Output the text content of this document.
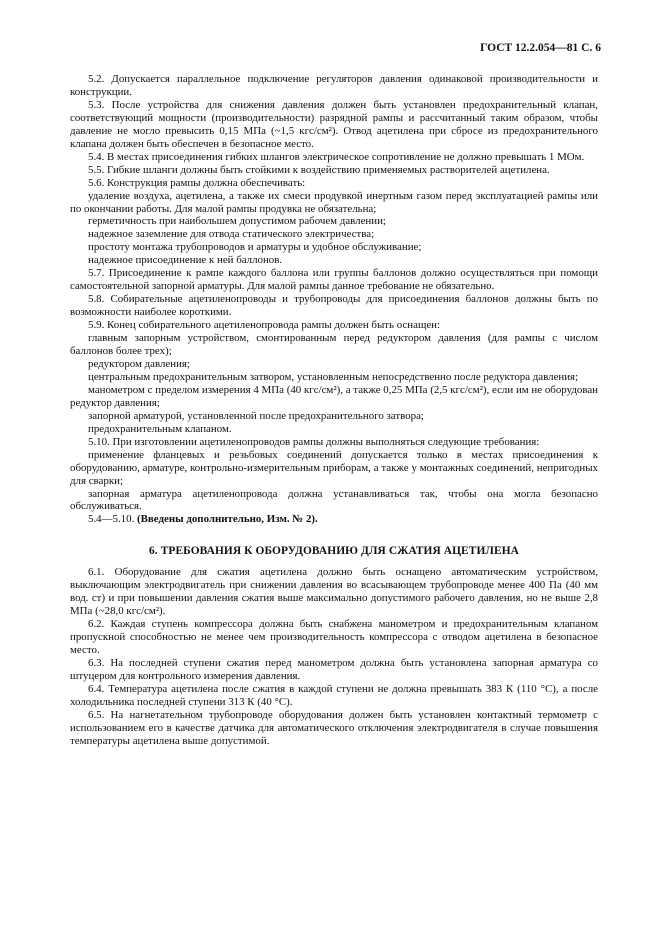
ГОСТ 12.2.054—81 С. 6

5.2. Допускается параллельное подключение регуляторов давления одинаковой производительности и конструкции.

5.3. После устройства для снижения давления должен быть установлен предохранительный клапан, соответствующий мощности (производительности) разрядной рампы и рассчитанный таким образом, чтобы давление не могло превысить 0,15 МПа (~1,5 кгс/см²). Отвод ацетилена при сбросе из предохранительного клапана должен быть обеспечен в безопасное место.

5.4. В местах присоединения гибких шлангов электрическое сопротивление не должно превышать 1 МОм.

5.5. Гибкие шланги должны быть стойкими к воздействию применяемых растворителей ацетилена.

5.6. Конструкция рампы должна обеспечивать:

удаление воздуха, ацетилена, а также их смеси продувкой инертным газом перед эксплуатацией рампы или по окончании работы. Для малой рампы продувка не обязательна;

герметичность при наибольшем допустимом рабочем давлении;

надежное заземление для отвода статического электричества;

простоту монтажа трубопроводов и арматуры и удобное обслуживание;

надежное присоединение к ней баллонов.

5.7. Присоединение к рампе каждого баллона или группы баллонов должно осуществляться при помощи самостоятельной запорной арматуры. Для малой рампы данное требование не обязательно.

5.8. Собирательные ацетиленопроводы и трубопроводы для присоединения баллонов должны быть по возможности наиболее короткими.

5.9. Конец собирательного ацетиленопровода рампы должен быть оснащен:

главным запорным устройством, смонтированным перед редуктором давления (для рампы с числом баллонов более трех);

редуктором давления;

центральным предохранительным затвором, установленным непосредственно после редуктора давления;

манометром с пределом измерения 4 МПа (40 кгс/см²), а также 0,25 МПа (2,5 кгс/см²), если им не оборудован редуктор давления;

запорной арматурой, установленной после предохранительного затвора;

предохранительным клапаном.

5.10. При изготовлении ацетиленопроводов рампы должны выполняться следующие требования:

применение фланцевых и резьбовых соединений допускается только в местах присоединения к оборудованию, арматуре, контрольно-измерительным приборам, а также у монтажных соединений, непригодных для сварки;

запорная арматура ацетиленопровода должна устанавливаться так, чтобы она могла безопасно обслуживаться.

5.4—5.10. (Введены дополнительно, Изм. № 2).

6. ТРЕБОВАНИЯ К ОБОРУДОВАНИЮ ДЛЯ СЖАТИЯ АЦЕТИЛЕНА

6.1. Оборудование для сжатия ацетилена должно быть оснащено автоматическим устройством, выключающим электродвигатель при снижении давления во всасывающем трубопроводе менее 400 Па (40 мм вод. ст) и при повышении давления сжатия выше максимально допустимого рабочего давления, но не выше 2,8 МПа (~28,0 кгс/см²).

6.2. Каждая ступень компрессора должна быть снабжена манометром и предохранительным клапаном пропускной способностью не менее чем производительность компрессора с отводом ацетилена в безопасное место.

6.3. На последней ступени сжатия перед манометром должна быть установлена запорная арматура со штуцером для контрольного измерения давления.

6.4. Температура ацетилена после сжатия в каждой ступени не должна превышать 383 К (110 °С), а после холодильника последней ступени 313 К (40 °С).

6.5. На нагнетательном трубопроводе оборудования должен быть установлен контактный термометр с использованием его в качестве датчика для автоматического отключения электродвигателя в случае повышения температуры ацетилена выше допустимой.
